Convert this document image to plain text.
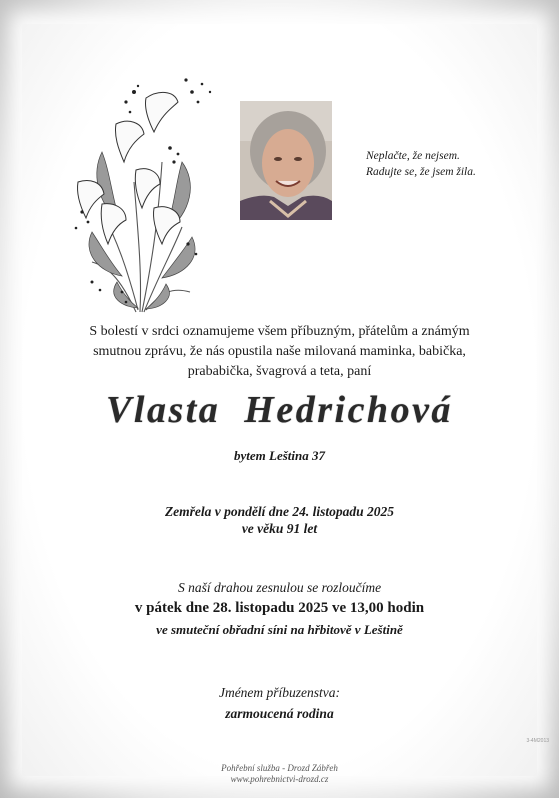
Neplačte, že nejsem.
Radujte se, že jsem žila.
S bolestí v srdci oznamujeme všem příbuzným, přátelům a známým
smutnou zprávu, že nás opustila naše milovaná maminka, babička,
prababička, švagrová a teta, paní
Vlasta Hedrichová
bytem Leština 37
Zemřela v pondělí dne 24. listopadu 2025
ve věku 91 let
S naší drahou zesnulou se rozloučíme
v pátek dne 28. listopadu 2025 ve 13,00 hodin
ve smuteční obřadní síni na hřbitově v Leštině
Jménem příbuzenstva:
zarmoucená rodina
Pohřební služba - Drozd Zábřeh
www.pohrebnictvi-drozd.cz
3-4M2013
